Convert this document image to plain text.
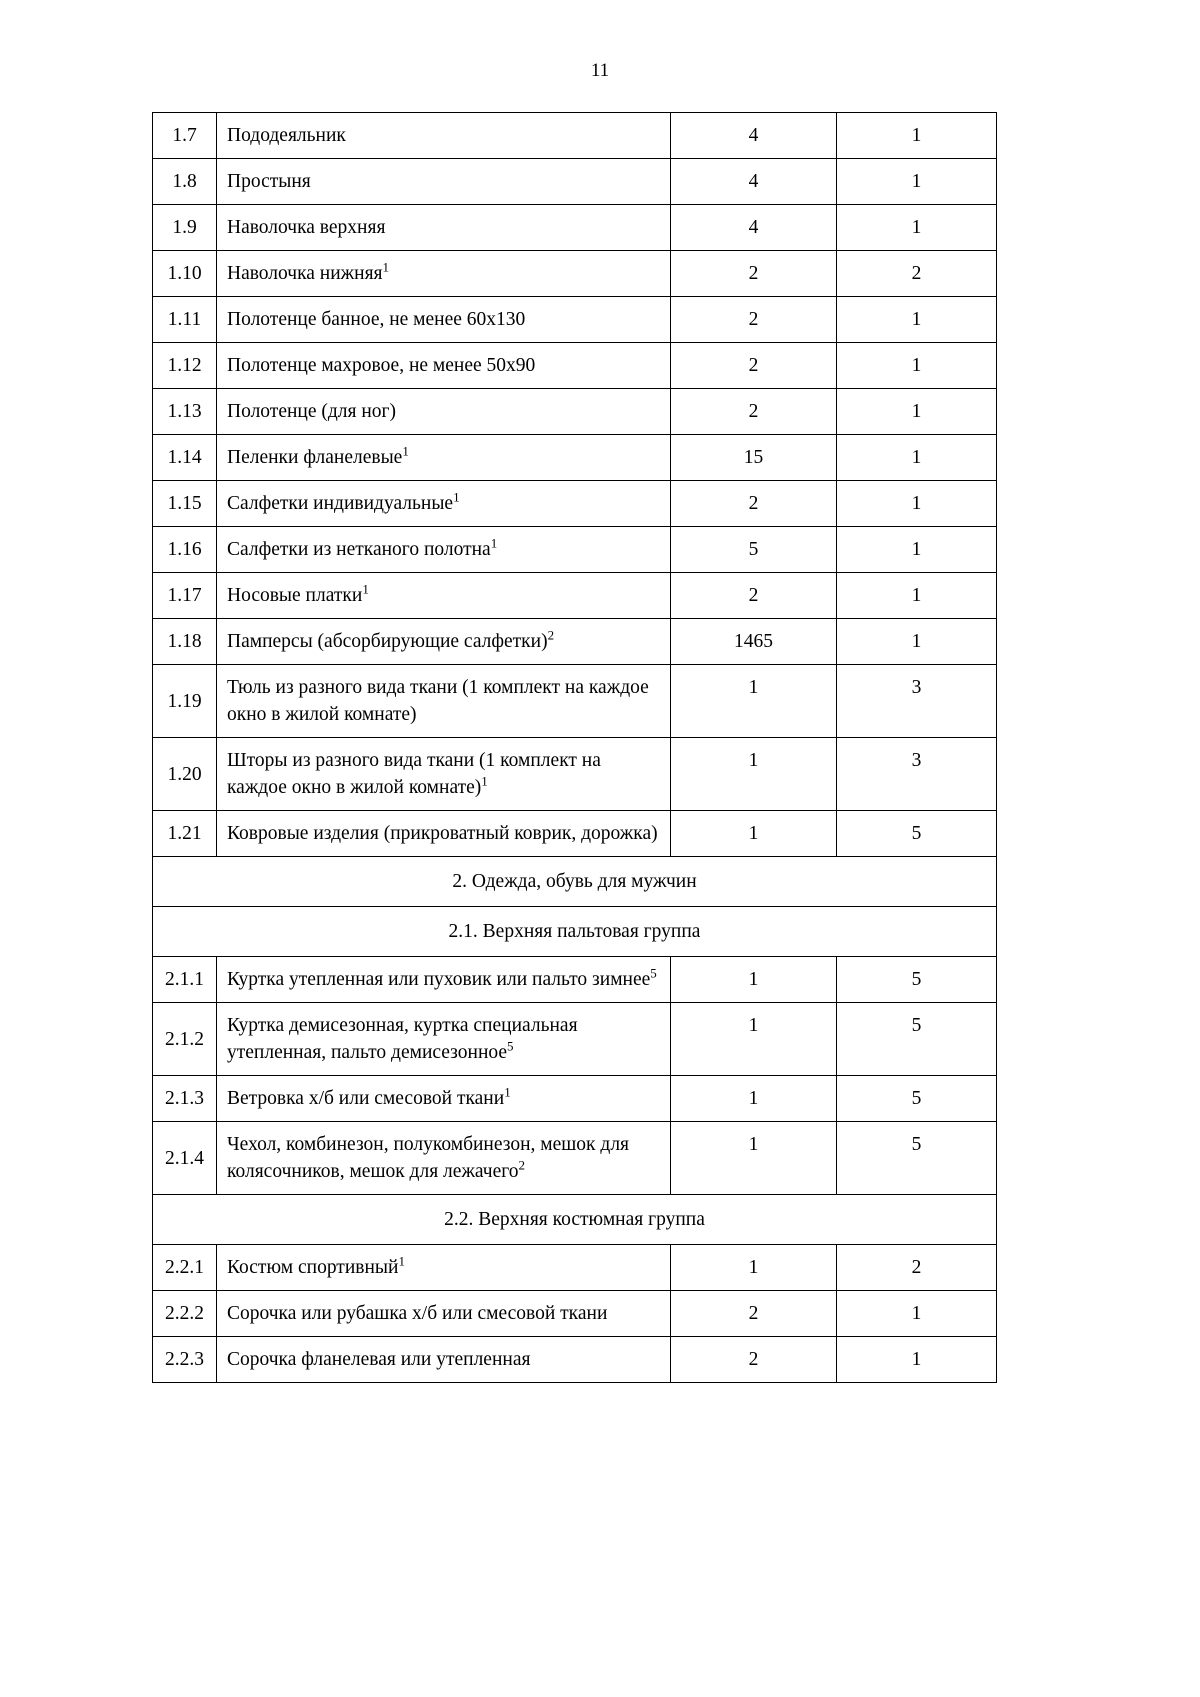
11
1.7	Пододеяльник	4	1
1.8	Простыня	4	1
1.9	Наволочка верхняя	4	1
1.10	Наволочка нижняя$^1$	2	2
1.11	Полотенце банное, не менее 60х130	2	1
1.12	Полотенце махровое, не менее 50х90	2	1
1.13	Полотенце (для ног)	2	1
1.14	Пеленки фланелевые$^1$	15	1
1.15	Салфетки индивидуальные$^1$	2	1
1.16	Салфетки из нетканого полотна$^1$	5	1
1.17	Носовые платки$^1$	2	1
1.18	Памперсы (абсорбирующие салфетки)$^2$	1465	1
1.19	Тюль из разного вида ткани (1 комплект на каждое окно в жилой комнате)	1	3
1.20	Шторы из разного вида ткани (1 комплект на каждое окно в жилой комнате)$^1$	1	3
1.21	Ковровые изделия (прикроватный коврик, дорожка)	1	5
2. Одежда, обувь для мужчин			
2.1. Верхняя пальтовая группа			
2.1.1	Куртка утепленная или пуховик или пальто зимнее$^5$	1	5
2.1.2	Куртка демисезонная, куртка специальная утепленная, пальто демисезонное$^5$	1	5
2.1.3	Ветровка х/б или смесовой ткани$^1$	1	5
2.1.4	Чехол, комбинезон, полукомбинезон, мешок для колясочников, мешок для лежачего$^2$	1	5
2.2. Верхняя костюмная группа			
2.2.1	Костюм спортивный$^1$	1	2
2.2.2	Сорочка или рубашка х/б или смесовой ткани	2	1
2.2.3	Сорочка фланелевая или утепленная	2	1
